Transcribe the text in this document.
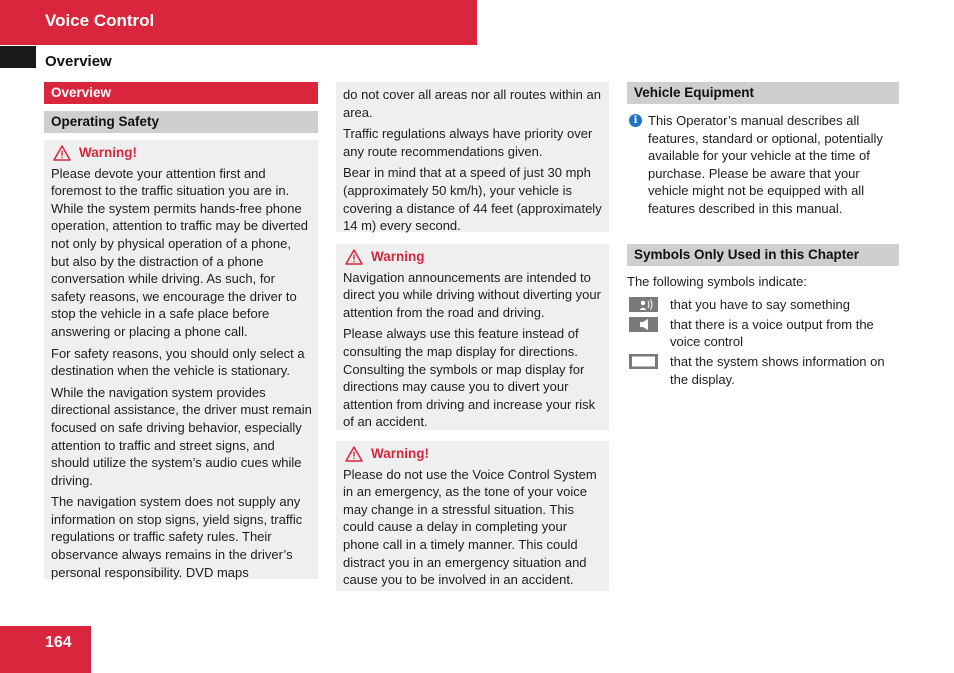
Voice Control
Overview
Overview
Operating Safety
Warning!

Please devote your attention first and foremost to the traffic situation you are in. While the system permits hands-free phone operation, attention to traffic may be diverted not only by physical operation of a phone, but also by the distraction of a phone conversation while driving. As such, for safety reasons, we encourage the driver to stop the vehicle in a safe place before answering or placing a phone call.

For safety reasons, you should only select a destination when the vehicle is stationary.

While the navigation system provides directional assistance, the driver must remain focused on safe driving behavior, especially attention to traffic and street signs, and should utilize the system’s audio cues while driving.

The navigation system does not supply any information on stop signs, yield signs, traffic regulations or traffic safety rules. Their observance always remains in the driver’s personal responsibility. DVD maps

do not cover all areas nor all routes within an area.

Traffic regulations always have priority over any route recommendations given.

Bear in mind that at a speed of just 30 mph (approximately 50 km/h), your vehicle is covering a distance of 44 feet (approximately 14 m) every second.

Warning

Navigation announcements are intended to direct you while driving without diverting your attention from the road and driving.

Please always use this feature instead of consulting the map display for directions. Consulting the symbols or map display for directions may cause you to divert your attention from driving and increase your risk of an accident.

Warning!

Please do not use the Voice Control System in an emergency, as the tone of your voice may change in a stressful situation. This could cause a delay in completing your phone call in a timely manner. This could distract you in an emergency situation and cause you to be involved in an accident.

Vehicle Equipment
i This Operator’s manual describes all features, standard or optional, potentially available for your vehicle at the time of purchase. Please be aware that your vehicle might not be equipped with all features described in this manual.
Symbols Only Used in this Chapter
The following symbols indicate:
that you have to say something
that there is a voice output from the voice control
that the system shows information on the display.
164
